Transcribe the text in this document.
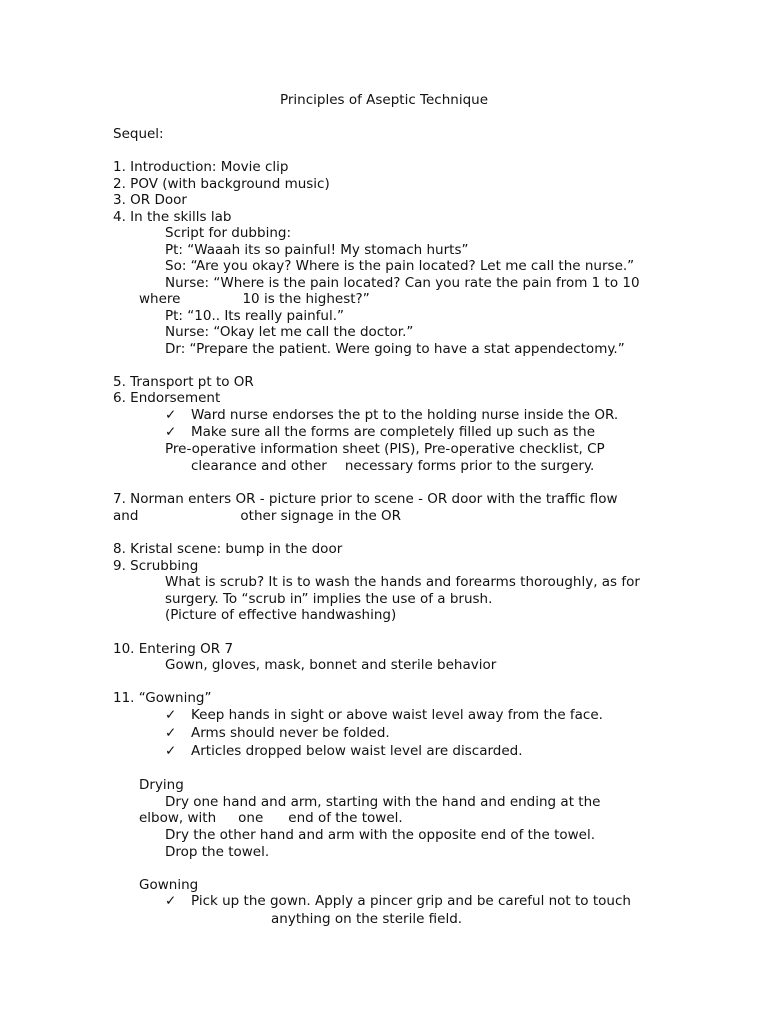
Principles of Aseptic Technique
Sequel:
1. Introduction: Movie clip
2. POV (with background music)
3. OR Door
4. In the skills lab
Script for dubbing:
Pt: “Waaah its so painful! My stomach hurts”
So: “Are you okay? Where is the pain located? Let me call the nurse.”
Nurse: “Where is the pain located? Can you rate the pain from 1 to 10
where	10 is the highest?”
Pt: “10.. Its really painful.”
Nurse: “Okay let me call the doctor.”
Dr: “Prepare the patient. Were going to have a stat appendectomy.”
5. Transport pt to OR
6. Endorsement
✓ Ward nurse endorses the pt to the holding nurse inside the OR.
✓ Make sure all the forms are completely filled up such as the
Pre-operative information sheet (PIS), Pre-operative checklist, CP
clearance and other necessary forms prior to the surgery.
7. Norman enters OR - picture prior to scene - OR door with the traffic flow
and	other signage in the OR
8. Kristal scene: bump in the door
9. Scrubbing
What is scrub? It is to wash the hands and forearms thoroughly, as for
surgery. To “scrub in” implies the use of a brush.
(Picture of effective handwashing)
10. Entering OR 7
Gown, gloves, mask, bonnet and sterile behavior
11. “Gowning”
✓ Keep hands in sight or above waist level away from the face.
✓ Arms should never be folded.
✓ Articles dropped below waist level are discarded.
Drying
Dry one hand and arm, starting with the hand and ending at the
elbow, with one end of the towel.
Dry the other hand and arm with the opposite end of the towel.
Drop the towel.
Gowning
✓ Pick up the gown. Apply a pincer grip and be careful not to touch
anything on the sterile field.
